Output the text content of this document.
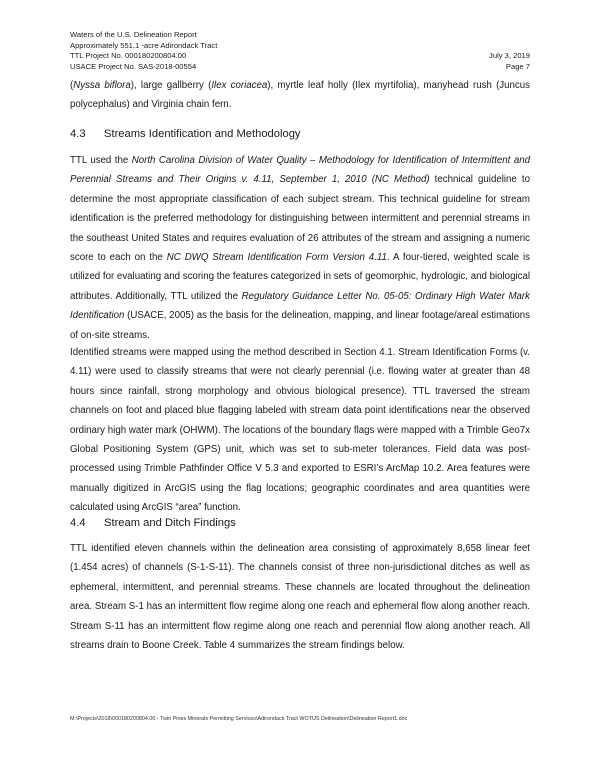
Waters of the U.S. Delineation Report
Approximately 551.1 -acre Adirondack Tract
TTL Project No. 000180200804.00
USACE Project No. SAS-2018-00554
July 3, 2019
Page 7

(Nyssa biflora), large gallberry (Ilex coriacea), myrtle leaf holly (Ilex myrtifolia), manyhead rush (Juncus polycephalus) and Virginia chain fern.

4.3 Streams Identification and Methodology

TTL used the North Carolina Division of Water Quality – Methodology for Identification of Intermittent and Perennial Streams and Their Origins v. 4.11, September 1, 2010 (NC Method) technical guideline to determine the most appropriate classification of each subject stream. This technical guideline for stream identification is the preferred methodology for distinguishing between intermittent and perennial streams in the southeast United States and requires evaluation of 26 attributes of the stream and assigning a numeric score to each on the NC DWQ Stream Identification Form Version 4.11. A four-tiered, weighted scale is utilized for evaluating and scoring the features categorized in sets of geomorphic, hydrologic, and biological attributes. Additionally, TTL utilized the Regulatory Guidance Letter No. 05-05: Ordinary High Water Mark Identification (USACE, 2005) as the basis for the delineation, mapping, and linear footage/areal estimations of on-site streams.

Identified streams were mapped using the method described in Section 4.1. Stream Identification Forms (v. 4.11) were used to classify streams that were not clearly perennial (i.e. flowing water at greater than 48 hours since rainfall, strong morphology and obvious biological presence). TTL traversed the stream channels on foot and placed blue flagging labeled with stream data point identifications near the observed ordinary high water mark (OHWM). The locations of the boundary flags were mapped with a Trimble Geo7x Global Positioning System (GPS) unit, which was set to sub-meter tolerances. Field data was post-processed using Trimble Pathfinder Office V 5.3 and exported to ESRI’s ArcMap 10.2. Area features were manually digitized in ArcGIS using the flag locations; geographic coordinates and area quantities were calculated using ArcGIS “area” function.

4.4 Stream and Ditch Findings

TTL identified eleven channels within the delineation area consisting of approximately 8,658 linear feet (1.454 acres) of channels (S-1-S-11). The channels consist of three non-jurisdictional ditches as well as ephemeral, intermittent, and perennial streams. These channels are located throughout the delineation area. Stream S-1 has an intermittent flow regime along one reach and ephemeral flow along another reach. Stream S-11 has an intermittent flow regime along one reach and perennial flow along another reach. All streams drain to Boone Creek. Table 4 summarizes the stream findings below.

M:\Projects\2018\000180200804.00 - Twin Pines Minerals Permitting Services\Adirondack Tract WOTUS Delineation\Delineation Report1.doc
